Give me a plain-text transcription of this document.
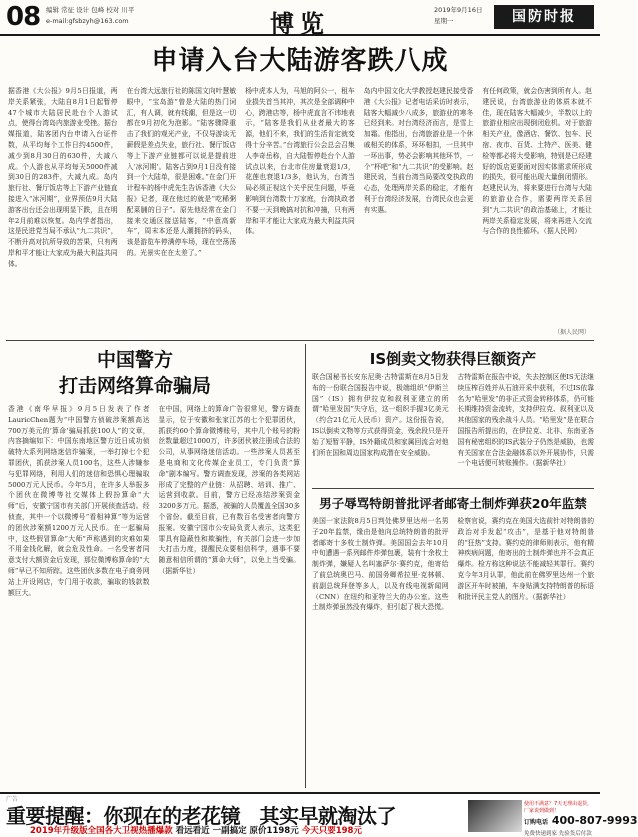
08 编辑 常征 设计 包峰 校对 川平
e-mail:gfsbzyh@163.com	博览	2019年9月16日
星期一	国防时报
申请入台大陆游客跌八成
据香港《大公报》9月5日报道，两岸关系紧张，大陆自8月1日起暂停47个城市大陆居民赴台个人游试点，使得台湾岛内旅游业受挫。据台媒报道，陆客团内台申请入台证件数，从平均每个工作日约4500件，减少到8月30日的630件，大减八成。个人游也从平均每天5000件减到30日的283件，大减九成。岛内旅行社、餐厅饭店等上下游产业链直接进入“冰河期”，业界预估9月大陆游客出台还会出现明显下跌，且在明年2月前难以恢复。岛内学者指出，这是民进党当局不承认“九二共识”，不断升高对抗所导致的苦果，只有两岸和平才能让大家成为最大利益共同体。
在台湾大远旅行社的陈国文向叶慧敏眼中，“宝岛游”曾是大陆的热门词汇，有人调，就有线潮，但是这一切都在9月初化为泡影。“陆客骤降重击了我们的观光产业，不仅导游谈无薪假是差点失业，旅行社、餐厅饭店等上下游产业链都可以说是提前进入‘冰河期’。陆客占到9月1日没有接到一个大陆单，很是困难。”在金门开计程车的杨中虎先生告诉香港《大公报》记者，现在他过的就是“吃稀粥配菜脯的日子”。原先他经常在金门接来交通区接送陆客，“中意高新车”，周末本还是人潮拥挤的码头，该是游览车停满停车场，现在空荡荡的。光景实在在太差了。”
杨中虎本人为，马旭的阿公一，租车业损失首当其冲，其次是全部调种中心，跨港店等，杨中虎直言不讳地表示，“陆客是我们从业者最大的客源，他们不来，我们的生活肯定就变得十分辛苦。”台湾旅行公会总会召集人李奇岳称，自大陆暂停赴台个人游试点以来，台北市住房量衰退1/3，花莲也衰退1/3多，他认为，台湾当局必须正视这个关乎民生问题，毕竟影响到台湾数十万家庭，台湾执政者不要一天到晚搞对抗和冲撞，只有两岸和平才能让大家成为最大利益共同体。
岛内中国文化大学教授赵建民接受香港《大公报》记者电话采访时表示，陆客大幅减少八成多，旅游业的寒冬已经到来。对台湾经济而言，是雪上加霜。他指出，台湾旅游业是一个休戚相关的体系，环环相扣，一旦其中一环出事，势必会影响其他环节，一个“杯吧”和“九二共识”的受影响。赵建民说，当前台湾当局要改变执政的心态，处理两岸关系的稳定，才能有利于台湾经济发展，台湾民众也会更有实惠。
有任何政策，就会伤害到所有人。赵建民说，台湾旅游业的体质本就不佳，现在陆客大幅减少，半数以上的旅游业相应出现倒闭危机。对于旅游相关产业，像酒店、餐饮、包车、民宿、夜市、百货、土特产、医美、健检等都必将大受影响，特别是已经建好的饭店更要面对因实体需求所形成的损失，很可能出现大量倒闭情形。赵建民认为，将来要进行台湾与大陆的旅游业合作，需要两岸关系回到“九二共识”的政治基础上，才能让两岸关系稳定发展，将来再进入交流与合作的良性循环。（据人民网）
（据人民网）
中国警方
打击网络算命骗局
香港《南华早报》9月5日发表了作者LauricChen题为“中国警方侦破涉案额高达700万美元的‘算命’骗局抓获100人”的文章，内容摘编如下：中国东南地区警方近日成功侦破特大系列网络迷信诈骗案，一举打掉七个犯罪团伙，抓获涉案人员100名，这些人涉嫌参与犯罪网络，利用人们的迷信和恐惧心理骗取5000万元人民币。今年5月，在许多人举报多个团伙在微博等社交媒体上假扮算命“大师”后，安徽宁国市有关部门开展侦查活动。经侦查，其中一个以微博号“看相神算”等为运营的团伙涉案额1200万元人民币。在一起骗局中，这些假冒算命“大师”声称遇到的灾难如果不用金钱化解，就会危及性命。一名受害者同意支付大额资金后发现，那位微博称算命的“大师”早已不知所踪。这些团伙多数在电子商务网站上开设网店，专门用于收款，骗取的钱款数额巨大。
在中国，网络上的算命广告很常见，警方调查显示，位于安徽和张家江苏的七个犯罪团伙，抓获约60个算命微博账号，其中几个账号的粉丝数量超过1000万，许多团伙被注册成合法的公司，从事网络迷信活动。一些涉案人员甚至是电商和文化传媒企业员工，专门负责“算命”剧本编写。警方调查发现，涉案的各类网站形成了完整的产业链：从招聘、培训、推广、运营到收款。目前，警方已经冻结涉案资金3200多万元。据悉，被骗的人员覆盖全国30多个省份。截至目前，已有数百名受害者向警方报案。安徽宁国市公安局负责人表示，这类犯罪具有隐蔽性和欺骗性，有关部门会进一步加大打击力度，提醒民众要相信科学，遇事不要随意相信所谓的“算命大师”，以免上当受骗。（据新华社）
IS倒卖文物获得巨额资产
联合国秘书长安东尼奥·古特雷斯在8月5日发布的一份联合国报告中说，极端组织“伊斯兰国”（IS）拥有伊拉克和叙利亚建立的所谓“哈里发国”失守后，这一组织手握3亿美元（约合21亿元人民币）资产。这份报告说，IS以倒卖文物等方式获得资金，残余段只是开始了短暂平静，IS外籍成员和家属回流会对他们所在国和周边国家构成潜在安全威胁。
古特雷斯在报告中说，失去控制区使IS无法继续压榨百姓并从石油开采中获利，不过IS依靠名为“哈里发”的非正式资金转移体系，仍可能长期维持资金流转，支持伊拉克、叙利亚以及其他国家的残余战斗人员。“哈里发”是在联合国报告所提出的，在伊拉克、北非、东南亚各国有秘密组织的IS武装分子仍然是威胁，也需有关国家在合法金融体系以外开展协作，只需一个电话便可转账操作。（据新华社）
男子辱骂特朗普批评者邮寄土制炸弹获20年监禁
美国一家法院8月5日判处佛罗里达州一名男子20年监禁，缘由是他向总统特朗普的批评者邮寄十多枚土制炸弹。美国国会去年10月中旬遭遇一系列邮件炸弹包裹，装有十余枚土制炸弹，嫌疑人名叫塞萨尔·赛约克，他寄给了前总统奥巴马、前国务卿希拉里·克林顿、前副总统拜登等多人，以及有线电视新闻网（CNN）在纽约和亚特兰大的办公室。这些土制炸弹虽然没有爆炸，但引起了极大恐慌。
检察官说，赛约克在美国大选前针对特朗普的政治对手发起“攻击”，是基于他对特朗普的“狂热”支持。赛约克的律师则表示，他有精神疾病问题，他寄出的土制炸弹也并不会真正爆炸。检方称这种说法不能减轻其罪行。赛约克今年3月认罪，他此前在佛罗里达州一个旅游区开车时被捕，车身贴满支持特朗普的标语和批评民主党人的图片。（据新华社）
广告
重要提醒：你现在的老花镜　其实早就淘汰了
2019年升级版全国各大卫视热播爆款 看远看近 一副搞定 原价1198元 今天只要198元
使用不满意？7天无理由退货，厂家说到做到！
订购电话 400-807-9993
免费快递到家 先验货后付款
